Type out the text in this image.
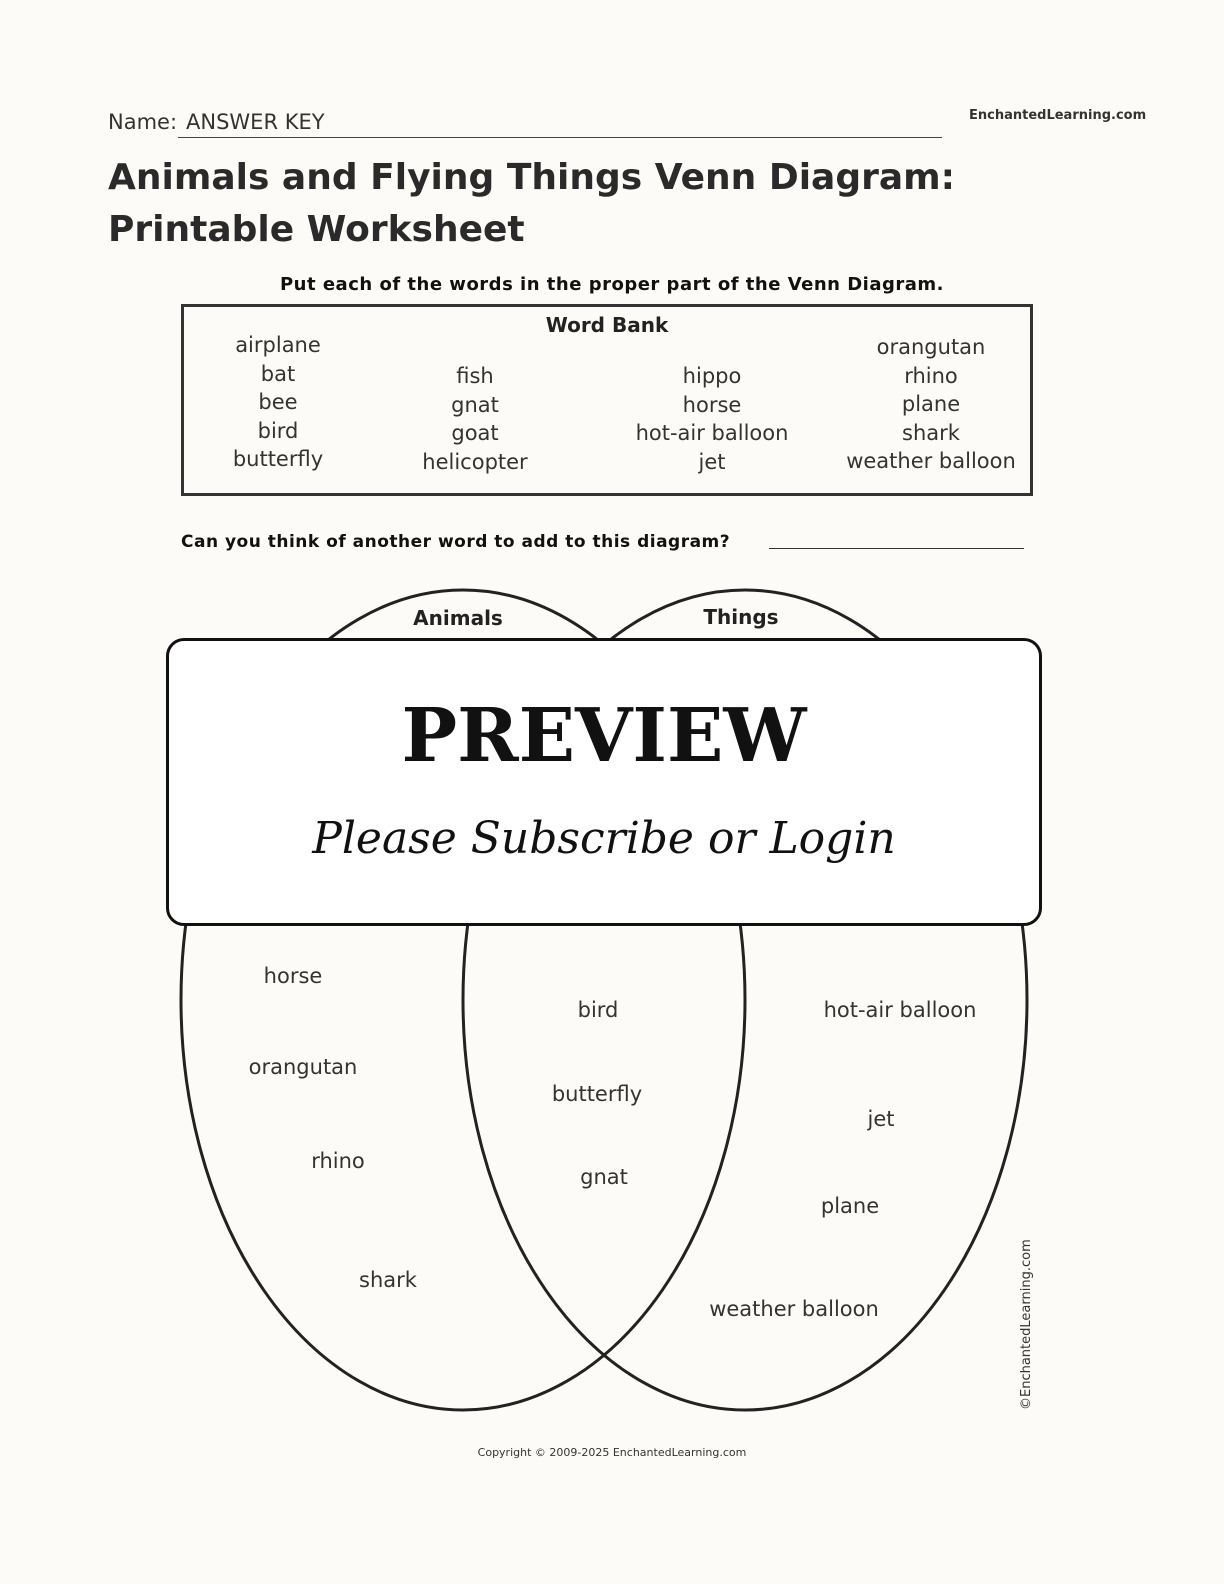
Name: ANSWER KEY	EnchantedLearning.com
Animals and Flying Things Venn Diagram: Printable Worksheet
Put each of the words in the proper part of the Venn Diagram.
Word Bank
airplane
bat
bee
bird
butterfly
fish
gnat
goat
helicopter
hippo
horse
hot-air balloon
jet
orangutan
rhino
plane
shark
weather balloon
Can you think of another word to add to this diagram?
Animals	Things
horse
orangutan
rhino
shark
bird
butterfly
gnat
hot-air balloon
jet
plane
weather balloon
PREVIEW
Please Subscribe or Login
©EnchantedLearning.com
Copyright © 2009-2025 EnchantedLearning.com
